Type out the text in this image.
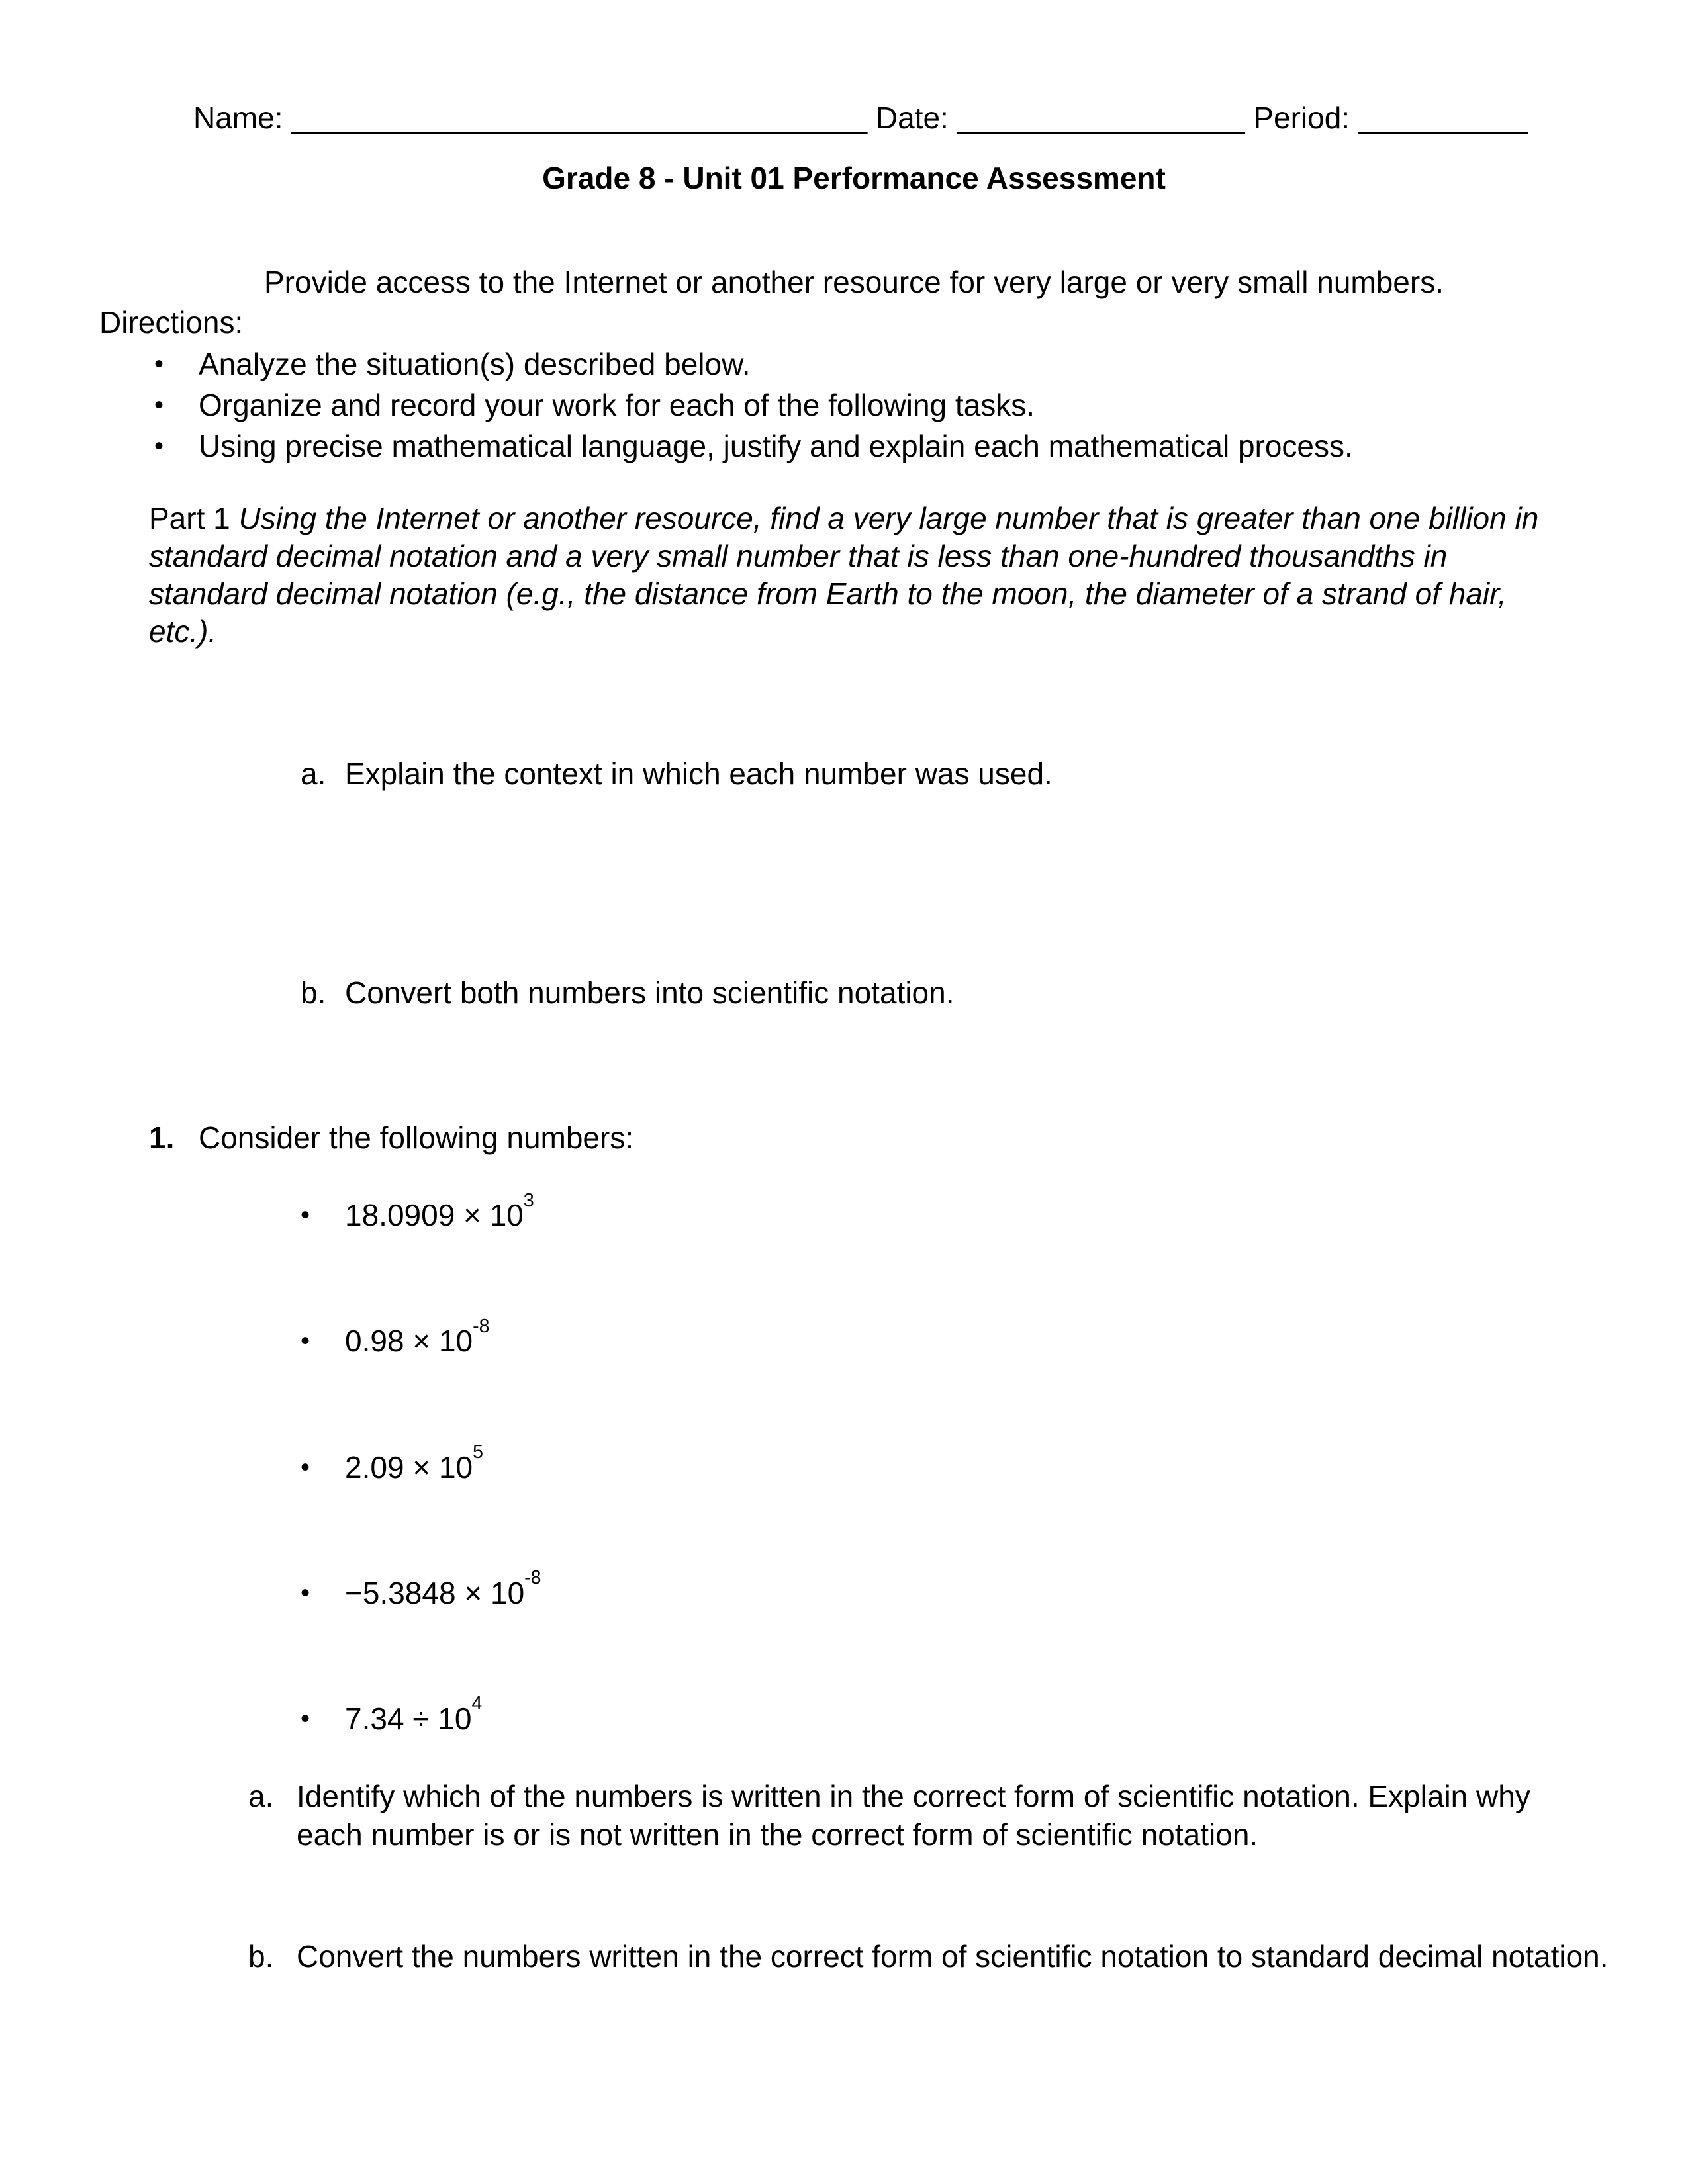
Name: __________________________________ Date: _________________ Period: __________
Grade 8 - Unit 01 Performance Assessment
Provide access to the Internet or another resource for very large or very small numbers.
Directions:
•	Analyze the situation(s) described below.
•	Organize and record your work for each of the following tasks.
•	Using precise mathematical language, justify and explain each mathematical process.
Part 1 Using the Internet or another resource, find a very large number that is greater than one billion in standard decimal notation and a very small number that is less than one-hundred thousandths in standard decimal notation (e.g., the distance from Earth to the moon, the diameter of a strand of hair, etc.).
a. Explain the context in which each number was used.
b. Convert both numbers into scientific notation.
1. Consider the following numbers:
•	$18.0909 \times 10^3$
•	$0.98 \times 10^{-8}$
•	$2.09 \times 10^5$
•	$-5.3848 \times 10^{-8}$
•	$7.34 \div 10^4$
a. Identify which of the numbers is written in the correct form of scientific notation. Explain why each number is or is not written in the correct form of scientific notation.
b. Convert the numbers written in the correct form of scientific notation to standard decimal notation.
